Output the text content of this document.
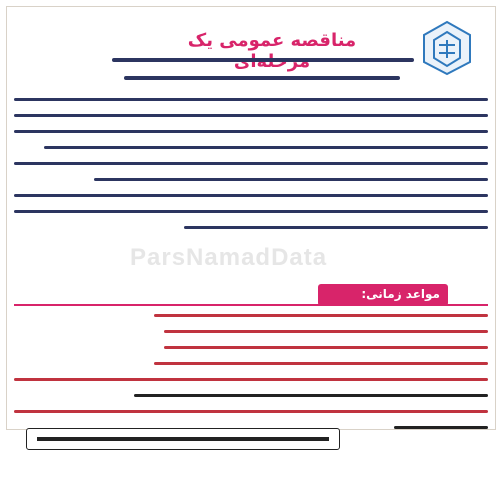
مناقصه عمومی یک
ParsNamadData
مواعد زمانی:
